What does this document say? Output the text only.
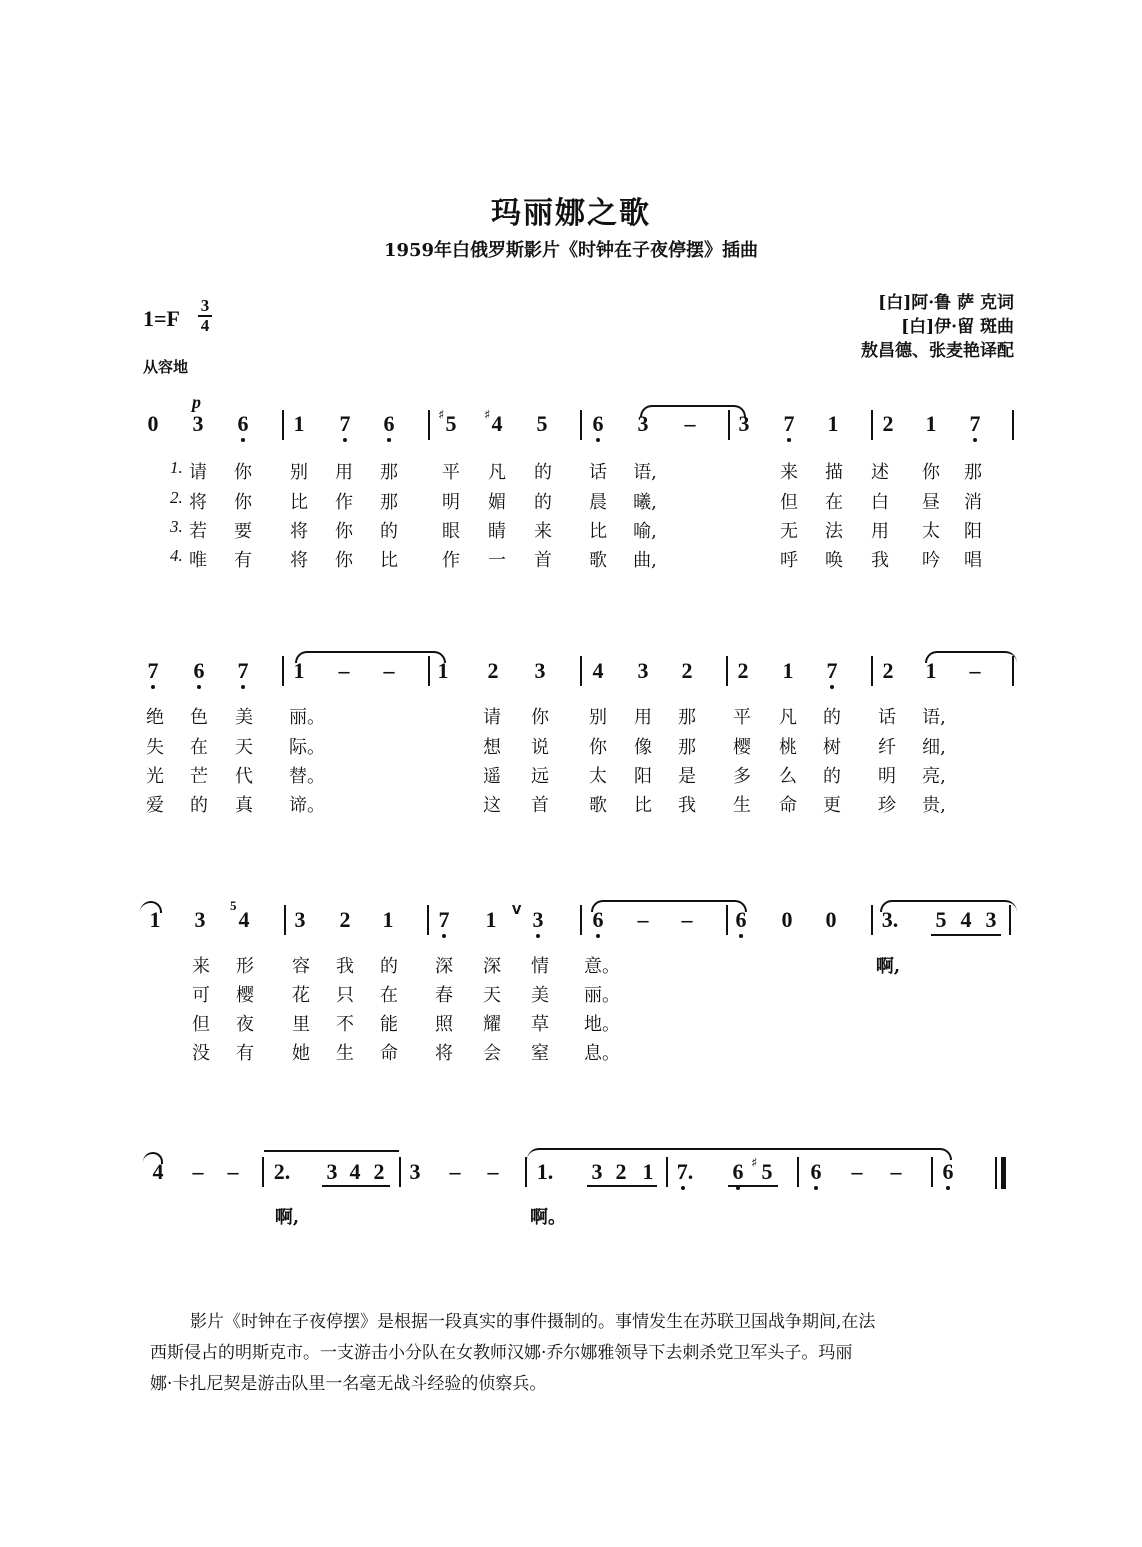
玛丽娜之歌
1959年白俄罗斯影片《时钟在子夜停摆》插曲
1=F
3
4
从容地
[白]阿·鲁 萨 克词
[白]伊·留 斑曲
敖昌德、张麦艳译配
p
0 3 6 1 7 6	♯ 5 ♯ 4 5 6 3 – 3 7 1 2 1 7
1.
2.
3.
4.
请 你 别 用 那 平 凡 的 话 语,	来 描 述 你 那
将 你 比 作 那 明 媚 的 晨 曦,	但 在 白 昼 消
若 要 将 你 的 眼 睛 来 比 喻,	无 法 用 太 阳
唯 有 将 你 比 作 一 首 歌 曲,	呼 唤 我 吟 唱
7 6 7 1 – – 1 2 3 4 3 2 2 1 7 2 1 –
绝 色 美 丽。	请 你 别 用 那 平 凡 的 话 语,
失 在 天 际。	想 说 你 像 那 樱 桃 树 纤 细,
光 芒 代 替。	遥 远 太 阳 是 多 么 的 明 亮,
爱 的 真 谛。	这 首 歌 比 我 生 命 更 珍 贵,
1 3
5
4 3 2 1 7 1 V 3 6 – – 6 0 0 3. 5 4 3
来 形 容 我 的 深 深 情 意。	啊,
可 樱 花 只 在 春 天 美 丽。
但 夜 里 不 能 照 耀 草 地。
没 有 她 生 命 将 会 窒 息。
4 – – 2. 3 4 2 3 – – 1. 3 2 1 7. 6 ♯ 5 6 – – 6
啊,	啊。

影片《时钟在子夜停摆》是根据一段真实的事件摄制的。事情发生在苏联卫国战争期间,在法

西斯侵占的明斯克市。一支游击小分队在女教师汉娜·乔尔娜雅领导下去刺杀党卫军头子。玛丽
娜·卡扎尼契是游击队里一名毫无战斗经验的侦察兵。
